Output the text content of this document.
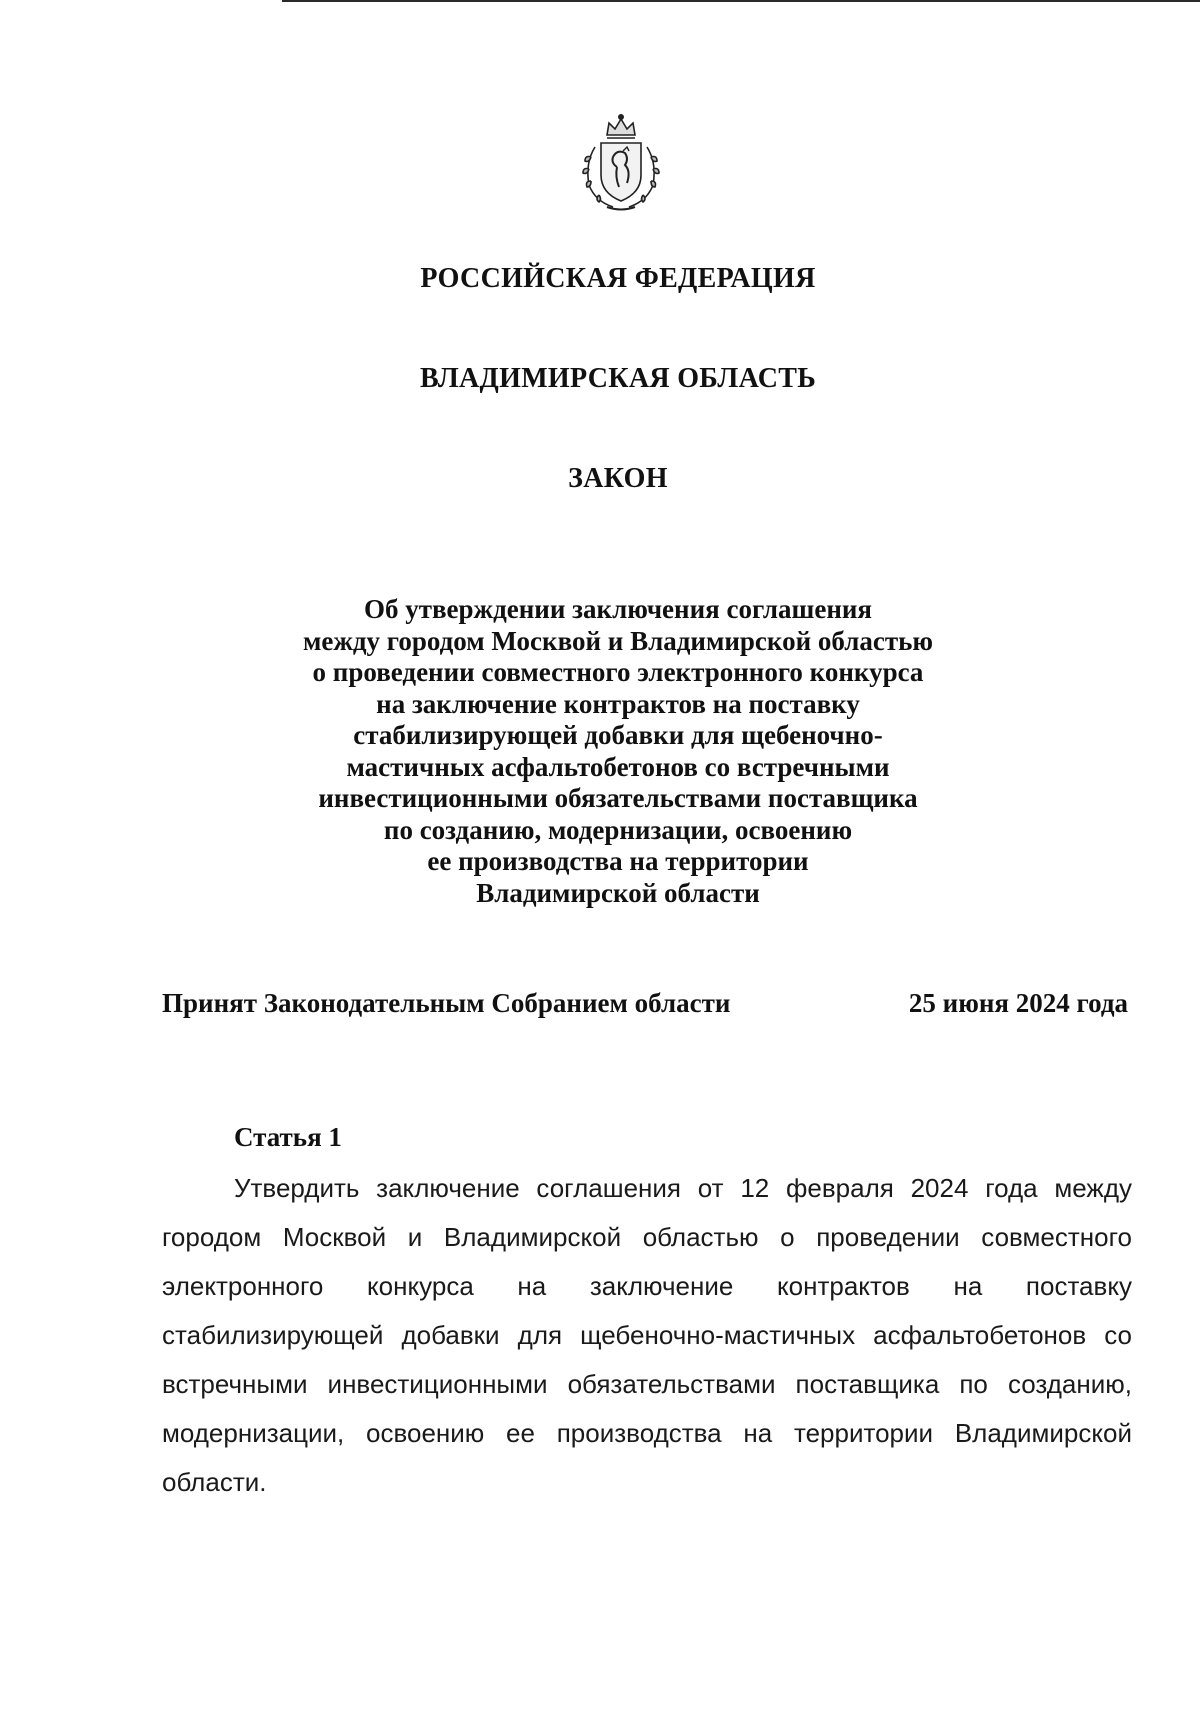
РОССИЙСКАЯ ФЕДЕРАЦИЯ
ВЛАДИМИРСКАЯ ОБЛАСТЬ
ЗАКОН
Об утверждении заключения соглашения
между городом Москвой и Владимирской областью
о проведении совместного электронного конкурса
на заключение контрактов на поставку
стабилизирующей добавки для щебеночно-
мастичных асфальтобетонов со встречными
инвестиционными обязательствами поставщика
по созданию, модернизации, освоению
ее производства на территории
Владимирской области
Принят Законодательным Собранием области	25 июня 2024 года
Статья 1

Утвердить заключение соглашения от 12 февраля 2024 года между городом Москвой и Владимирской областью о проведении совместного электронного конкурса на заключение контрактов на поставку стабилизирующей добавки для щебеночно-мастичных асфальтобетонов со встречными инвестиционными обязательствами поставщика по созданию, модернизации, освоению ее производства на территории Владимирской области.
